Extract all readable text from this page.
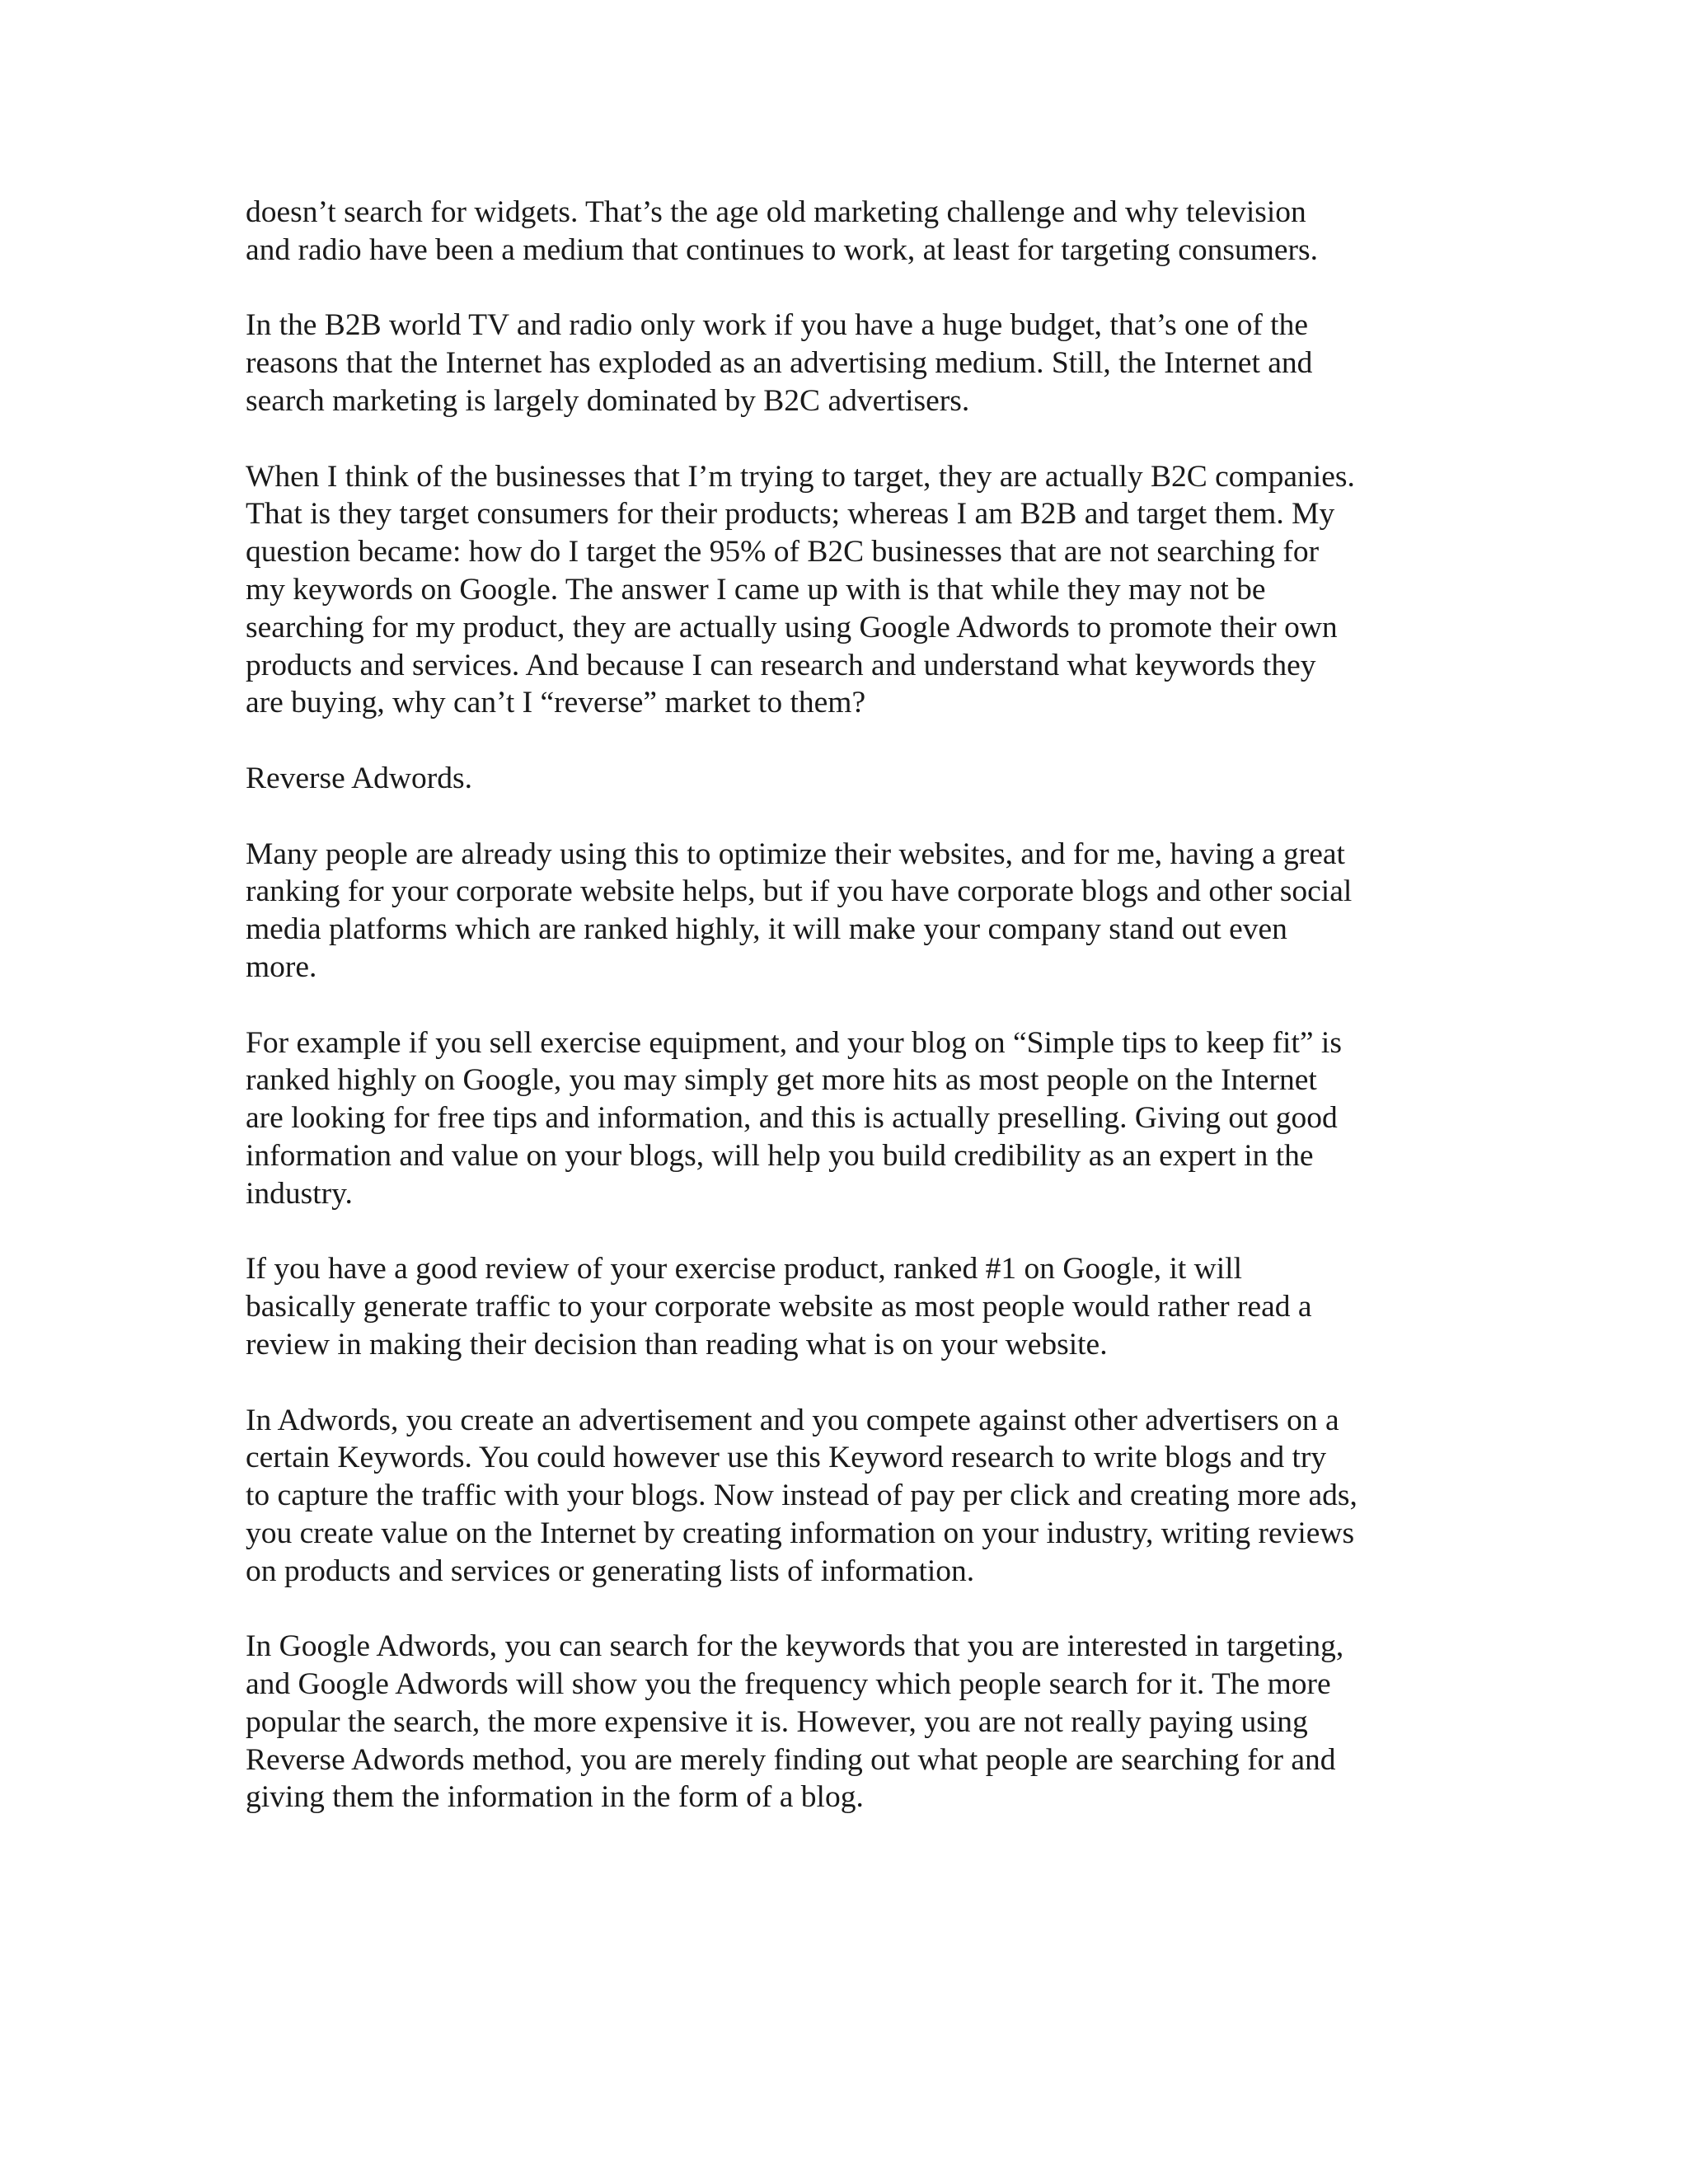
doesn’t search for widgets. That’s the age old marketing challenge and why television
and radio have been a medium that continues to work, at least for targeting consumers.

In the B2B world TV and radio only work if you have a huge budget, that’s one of the
reasons that the Internet has exploded as an advertising medium. Still, the Internet and
search marketing is largely dominated by B2C advertisers.

When I think of the businesses that I’m trying to target, they are actually B2C companies.
That is they target consumers for their products; whereas I am B2B and target them. My
question became: how do I target the 95% of B2C businesses that are not searching for
my keywords on Google. The answer I came up with is that while they may not be
searching for my product, they are actually using Google Adwords to promote their own
products and services. And because I can research and understand what keywords they
are buying, why can’t I “reverse” market to them?

Reverse Adwords.

Many people are already using this to optimize their websites, and for me, having a great
ranking for your corporate website helps, but if you have corporate blogs and other social
media platforms which are ranked highly, it will make your company stand out even
more.

For example if you sell exercise equipment, and your blog on “Simple tips to keep fit” is
ranked highly on Google, you may simply get more hits as most people on the Internet
are looking for free tips and information, and this is actually preselling. Giving out good
information and value on your blogs, will help you build credibility as an expert in the
industry.

If you have a good review of your exercise product, ranked #1 on Google, it will
basically generate traffic to your corporate website as most people would rather read a
review in making their decision than reading what is on your website.

In Adwords, you create an advertisement and you compete against other advertisers on a
certain Keywords. You could however use this Keyword research to write blogs and try
to capture the traffic with your blogs. Now instead of pay per click and creating more ads,
you create value on the Internet by creating information on your industry, writing reviews
on products and services or generating lists of information.

In Google Adwords, you can search for the keywords that you are interested in targeting,
and Google Adwords will show you the frequency which people search for it. The more
popular the search, the more expensive it is. However, you are not really paying using
Reverse Adwords method, you are merely finding out what people are searching for and
giving them the information in the form of a blog.
